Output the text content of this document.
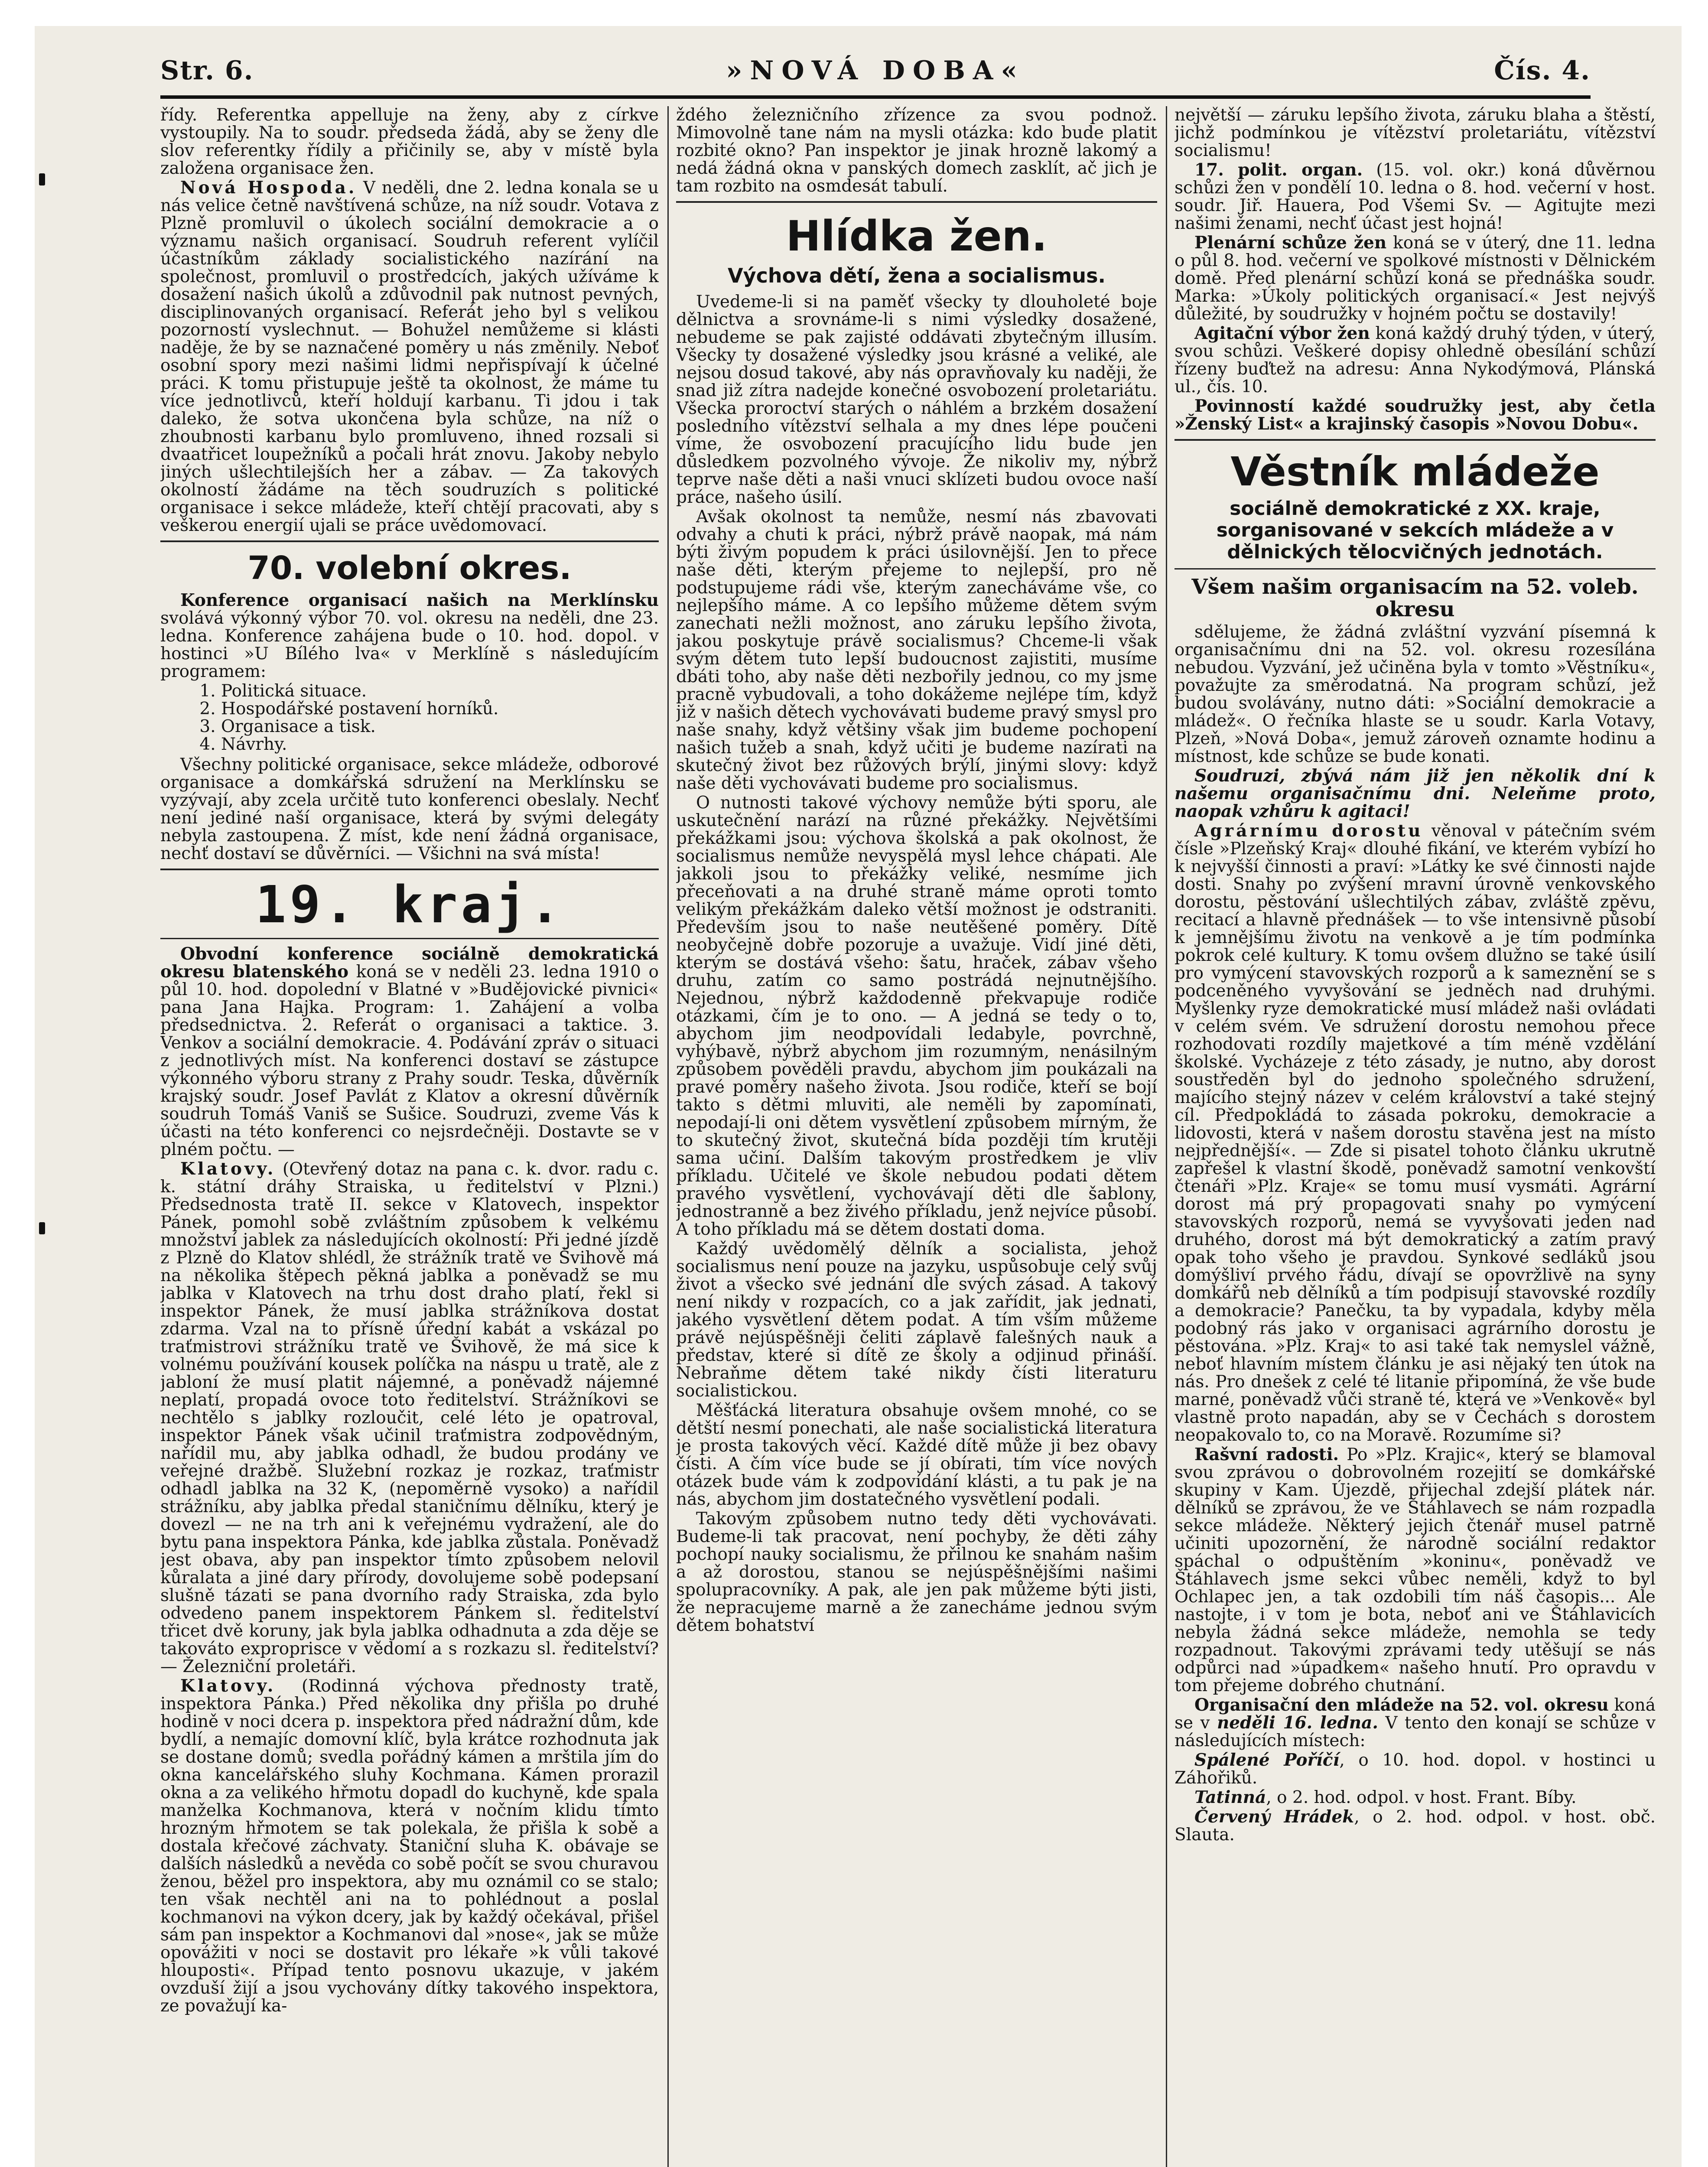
Str. 6.	»NOVÁ DOBA«	Čís. 4.

řídy. Referentka appelluje na ženy, aby z církve vystoupily. Na to soudr. předseda žádá, aby se ženy dle slov referentky řídily a přičinily se, aby v místě byla založena organisace žen.

Nová Hospoda. V neděli, dne 2. ledna konala se u nás velice četně navštívená schůze, na níž soudr. Votava z Plzně promluvil o úkolech sociální demokracie a o významu našich organisací. Soudruh referent vylíčil účastníkům základy socialistického nazírání na společnost, promluvil o prostředcích, jakých užíváme k dosažení našich úkolů a zdůvodnil pak nutnost pevných, disciplinovaných organisací. Referát jeho byl s velikou pozorností vyslechnut. — Bohužel nemůžeme si klásti naděje, že by se naznačené poměry u nás změnily. Neboť osobní spory mezi našimi lidmi nepřispívají k účelné práci. K tomu přistupuje ještě ta okolnost, že máme tu více jednotlivců, kteří holdují karbanu. Ti jdou i tak daleko, že sotva ukončena byla schůze, na níž o zhoubnosti karbanu bylo promluveno, ihned rozsali si dvaatřicet loupežníků a počali hrát znovu. Jakoby nebylo jiných ušlechtilejších her a zábav. — Za takových okolností žádáme na těch soudruzích s politické organisace i sekce mládeže, kteří chtějí pracovati, aby s veškerou energií ujali se práce uvědomovací.

70. volební okres.

Konference organisací našich na Merklínsku svolává výkonný výbor 70. vol. okresu na neděli, dne 23. ledna. Konference zahájena bude o 10. hod. dopol. v hostinci »U Bílého lva« v Merklíně s následujícím programem:

1. Politická situace.
2. Hospodářské postavení horníků.
3. Organisace a tisk.
4. Návrhy.

Všechny politické organisace, sekce mládeže, odborové organisace a domkářská sdružení na Merklínsku se vyzývají, aby zcela určitě tuto konferenci obeslaly. Nechť není jediné naší organisace, která by svými delegáty nebyla zastoupena. Z míst, kde není žádná organisace, nechť dostaví se důvěrníci. — Všichni na svá místa!

19. kraj.

Obvodní konference sociálně demokratická okresu blatenského koná se v neděli 23. ledna 1910 o půl 10. hod. dopolední v Blatné v »Budějovické pivnici« pana Jana Hajka. Program: 1. Zahájení a volba předsednictva. 2. Referát o organisaci a taktice. 3. Venkov a sociální demokracie. 4. Podávání zpráv o situaci z jednotlivých míst. Na konferenci dostaví se zástupce výkonného výboru strany z Prahy soudr. Teska, důvěrník krajský soudr. Josef Pavlát z Klatov a okresní důvěrník soudruh Tomáš Vaniš se Sušice. Soudruzi, zveme Vás k účasti na této konferenci co nejsrdečněji. Dostavte se v plném počtu. —

Klatovy. (Otevřený dotaz na pana c. k. dvor. radu c. k. státní dráhy Straiska, u ředitelství v Plzni.) Předsednosta tratě II. sekce v Klatovech, inspektor Pánek, pomohl sobě zvláštním způsobem k velkému množství jablek za následujících okolností: Při jedné jízdě z Plzně do Klatov shlédl, že strážník tratě ve Švihově má na několika štěpech pěkná jablka a poněvadž se mu jablka v Klatovech na trhu dost draho platí, řekl si inspektor Pánek, že musí jablka strážníkova dostat zdarma. Vzal na to přísně úřední kabát a vskázal po traťmistrovi strážníku tratě ve Švihově, že má sice k volnému používání kousek políčka na náspu u tratě, ale z jabloní že musí platit nájemné, a poněvadž nájemné neplatí, propadá ovoce toto ředitelství. Strážníkovi se nechtělo s jablky rozloučit, celé léto je opatroval, inspektor Pánek však učinil traťmistra zodpovědným, nařídil mu, aby jablka odhadl, že budou prodány ve veřejné dražbě. Služební rozkaz je rozkaz, traťmistr odhadl jablka na 32 K, (nepoměrně vysoko) a nařídil strážníku, aby jablka předal staničnímu dělníku, který je dovezl — ne na trh ani k veřejnému vydražení, ale do bytu pana inspektora Pánka, kde jablka zůstala. Poněvadž jest obava, aby pan inspektor tímto způsobem nelovil kůralata a jiné dary přírody, dovolujeme sobě podepsaní slušně tázati se pana dvorního rady Straiska, zda bylo odvedeno panem inspektorem Pánkem sl. ředitelství třicet dvě koruny, jak byla jablka odhadnuta a zda děje se takováto exproprisce v vědomí a s rozkazu sl. ředitelství? — Železniční proletáři.

Klatovy. (Rodinná výchova přednosty tratě, inspektora Pánka.) Před několika dny přišla po druhé hodině v noci dcera p. inspektora před nádražní dům, kde bydlí, a nemajíc domovní klíč, byla krátce rozhodnuta jak se dostane domů; svedla pořádný kámen a mrštila jím do okna kancelářského sluhy Kochmana. Kámen prorazil okna a za velikého hřmotu dopadl do kuchyně, kde spala manželka Kochmanova, která v nočním klidu tímto hrozným hřmotem se tak polekala, že přišla k sobě a dostala křečové záchvaty. Staniční sluha K. obávaje se dalších následků a nevěda co sobě počít se svou churavou ženou, běžel pro inspektora, aby mu oznámil co se stalo; ten však nechtěl ani na to pohlédnout a poslal kochmanovi na výkon dcery, jak by každý očekával, přišel sám pan inspektor a Kochmanovi dal »nose«, jak se může opovážiti v noci se dostavit pro lékaře »k vůli takové hlouposti«. Případ tento posnovu ukazuje, v jakém ovzduší žijí a jsou vychovány dítky takového inspektora, ze považují ka-

ždého železničního zřízence za svou podnož. Mimovolně tane nám na mysli otázka: kdo bude platit rozbité okno? Pan inspektor je jinak hrozně lakomý a nedá žádná okna v panských domech zasklít, ač jich je tam rozbito na osmdesát tabulí.

Hlídka žen.
Výchova dětí, žena a socialismus.

Uvedeme-li si na paměť všecky ty dlouholeté boje dělnictva a srovnáme-li s nimi výsledky dosažené, nebudeme se pak zajisté oddávati zbytečným illusím. Všecky ty dosažené výsledky jsou krásné a veliké, ale nejsou dosud takové, aby nás opravňovaly ku naději, že snad již zítra nadejde konečné osvobození proletariátu. Všecka proroctví starých o náhlém a brzkém dosažení posledního vítězství selhala a my dnes lépe poučeni víme, že osvobození pracujícího lidu bude jen důsledkem pozvolného vývoje. Že nikoliv my, nýbrž teprve naše děti a naši vnuci sklízeti budou ovoce naší práce, našeho úsilí.

Avšak okolnost ta nemůže, nesmí nás zbavovati odvahy a chuti k práci, nýbrž právě naopak, má nám býti živým popudem k práci úsilovnější. Jen to přece naše děti, kterým přejeme to nejlepší, pro ně podstupujeme rádi vše, kterým zanecháváme vše, co nejlepšího máme. A co lepšího můžeme dětem svým zanechati nežli možnost, ano záruku lepšího života, jakou poskytuje právě socialismus? Chceme-li však svým dětem tuto lepší budoucnost zajistiti, musíme dbáti toho, aby naše děti nezbořily jednou, co my jsme pracně vybudovali, a toho dokážeme nejlépe tím, když již v našich dětech vychovávati budeme pravý smysl pro naše snahy, když většiny však jim budeme pochopení našich tužeb a snah, když učiti je budeme nazírati na skutečný život bez růžových brýlí, jinými slovy: když naše děti vychovávati budeme pro socialismus.

O nutnosti takové výchovy nemůže býti sporu, ale uskutečnění narází na různé překážky. Největšími překážkami jsou: výchova školská a pak okolnost, že socialismus nemůže nevyspělá mysl lehce chápati. Ale jakkoli jsou to překážky veliké, nesmíme jich přeceňovati a na druhé straně máme oproti tomto velikým překážkám daleko větší možnost je odstraniti. Především jsou to naše neutěšené poměry. Dítě neobyčejně dobře pozoruje a uvažuje. Vidí jiné děti, kterým se dostává všeho: šatu, hraček, zábav všeho druhu, zatím co samo postrádá nejnutnějšího. Nejednou, nýbrž každodenně překvapuje rodiče otázkami, čím je to ono. — A jedná se tedy o to, abychom jim neodpovídali ledabyle, povrchně, vyhýbavě, nýbrž abychom jim rozumným, nenásilným způsobem pověděli pravdu, abychom jim poukázali na pravé poměry našeho života. Jsou rodiče, kteří se bojí takto s dětmi mluviti, ale neměli by zapomínati, nepodají-li oni dětem vysvětlení způsobem mírným, že to skutečný život, skutečná bída později tím krutěji sama učiní. Dalším takovým prostředkem je vliv příkladu. Učitelé ve škole nebudou podati dětem pravého vysvětlení, vychovávají děti dle šablony, jednostranně a bez živého příkladu, jenž nejvíce působí. A toho příkladu má se dětem dostati doma.

Každý uvědomělý dělník a socialista, jehož socialismus není pouze na jazyku, uspůsobuje celý svůj život a všecko své jednání dle svých zásad. A takový není nikdy v rozpacích, co a jak zařídit, jak jednati, jakého vysvětlení dětem podat. A tím vším můžeme právě nejúspěšněji čeliti záplavě falešných nauk a představ, které si dítě ze školy a odjinud přináší. Nebraňme dětem také nikdy čísti literaturu socialistickou.

Měšťácká literatura obsahuje ovšem mnohé, co se dětští nesmí ponechati, ale naše socialistická literatura je prosta takových věcí. Každé dítě může ji bez obavy čísti. A čím více bude se jí obírati, tím více nových otázek bude vám k zodpovídání klásti, a tu pak je na nás, abychom jim dostatečného vysvětlení podali.

Takovým způsobem nutno tedy děti vychovávati. Budeme-li tak pracovat, není pochyby, že děti záhy pochopí nauky socialismu, že přilnou ke snahám našim a až dorostou, stanou se nejúspěšnějšími našimi spolupracovníky. A pak, ale jen pak můžeme býti jisti, že nepracujeme marně a že zanecháme jednou svým dětem bohatství

největší — záruku lepšího života, záruku blaha a štěstí, jichž podmínkou je vítězství proletariátu, vítězství socialismu!

17. polit. organ. (15. vol. okr.) koná důvěrnou schůzi žen v pondělí 10. ledna o 8. hod. večerní v host. soudr. Jiř. Hauera, Pod Všemi Sv. — Agitujte mezi našimi ženami, nechť účast jest hojná!

Plenární schůze žen koná se v úterý, dne 11. ledna o půl 8. hod. večerní ve spolkové místnosti v Dělnickém domě. Před plenární schůzí koná se přednáška soudr. Marka: »Úkoly politických organisací.« Jest nejvýš důležité, by soudružky v hojném počtu se dostavily!

Agitační výbor žen koná každý druhý týden, v úterý, svou schůzi. Veškeré dopisy ohledně obesílání schůzí řízeny buďtež na adresu: Anna Nykodýmová, Plánská ul., čís. 10.

Povinností každé soudružky jest, aby četla »Ženský List« a krajinský časopis »Novou Dobu«.

Věstník mládeže
sociálně demokratické z XX. kraje, sorganisované v sekcích mládeže a v dělnických tělocvičných jednotách.
Všem našim organisacím na 52. voleb. okresu

sdělujeme, že žádná zvláštní vyzvání písemná k organisačnímu dni na 52. vol. okresu rozesílána nebudou. Vyzvání, jež učiněna byla v tomto »Věstníku«, považujte za směrodatná. Na program schůzí, jež budou svolávány, nutno dáti: »Sociální demokracie a mládež«. O řečníka hlaste se u soudr. Karla Votavy, Plzeň, »Nová Doba«, jemuž zároveň oznamte hodinu a místnost, kde schůze se bude konati.

Soudruzi, zbývá nám již jen několik dní k našemu organisačnímu dni. Neleňme proto, naopak vzhůru k agitaci!

Agrárnímu dorostu věnoval v pátečním svém čísle »Plzeňský Kraj« dlouhé fikání, ve kterém vybízí ho k nejvyšší činnosti a praví: »Látky ke své činnosti najde dosti. Snahy po zvýšení mravní úrovně venkovského dorostu, pěstování ušlechtilých zábav, zvláště zpěvu, recitací a hlavně přednášek — to vše intensivně působí k jemnějšímu životu na venkově a je tím podmínka pokrok celé kultury. K tomu ovšem dlužno se také úsilí pro vymýcení stavovských rozporů a k sameznění se s podceněného vyvyšování se jedněch nad druhými. Myšlenky ryze demokratické musí mládež naši ovládati v celém svém. Ve sdružení dorostu nemohou přece rozhodovati rozdíly majetkové a tím méně vzdělání školské. Vycházeje z této zásady, je nutno, aby dorost soustředěn byl do jednoho společného sdružení, majícího stejný název v celém království a také stejný cíl. Předpokládá to zásada pokroku, demokracie a lidovosti, která v našem dorostu stavěna jest na místo nejpřednější«. — Zde si pisatel tohoto článku ukrutně zapřešel k vlastní škodě, poněvadž samotní venkovští čtenáři »Plz. Kraje« se tomu musí vysmáti. Agrární dorost má prý propagovati snahy po vymýcení stavovských rozporů, nemá se vyvyšovati jeden nad druhého, dorost má být demokratický a zatím pravý opak toho všeho je pravdou. Synkové sedláků jsou domýšliví prvého řádu, dívají se opovržlivě na syny domkářů neb dělníků a tím podpisují stavovské rozdíly a demokracie? Panečku, ta by vypadala, kdyby měla podobný rás jako v organisaci agrárního dorostu je pěstována. »Plz. Kraj« to asi také tak nemyslel vážně, neboť hlavním místem článku je asi nějaký ten útok na nás. Pro dnešek z celé té litanie připomíná, že vše bude marné, poněvadž vůči straně té, která ve »Venkově« byl vlastně proto napadán, aby se v Čechách s dorostem neopakovalo to, co na Moravě. Rozumíme si?

Rašvní radosti. Po »Plz. Krajic«, který se blamoval svou zprávou o dobrovolném rozejití se domkářské skupiny v Kam. Újezdě, přijechal zdejší plátek nár. dělníků se zprávou, že ve Štáhlavech se nám rozpadla sekce mládeže. Některý jejich čtenář musel patrně učiniti upozornění, že národně sociální redaktor spáchal o odpuštěním »koninu«, poněvadž ve Štáhlavech jsme sekci vůbec neměli, když to byl Ochlapec jen, a tak ozdobili tím náš časopis... Ale nastojte, i v tom je bota, neboť ani ve Štáhlavicích nebyla žádná sekce mládeže, nemohla se tedy rozpadnout. Takovými zprávami tedy utěšují se nás odpůrci nad »úpadkem« našeho hnutí. Pro opravdu v tom přejeme dobrého chutnání.

Organisační den mládeže na 52. vol. okresu koná se v neděli 16. ledna. V tento den konají se schůze v následujících místech:

Spálené Poříčí, o 10. hod. dopol. v hostinci u Záhořiků.

Tatinná, o 2. hod. odpol. v host. Frant. Bíby.

Červený Hrádek, o 2. hod. odpol. v host. obč. Slauta.
